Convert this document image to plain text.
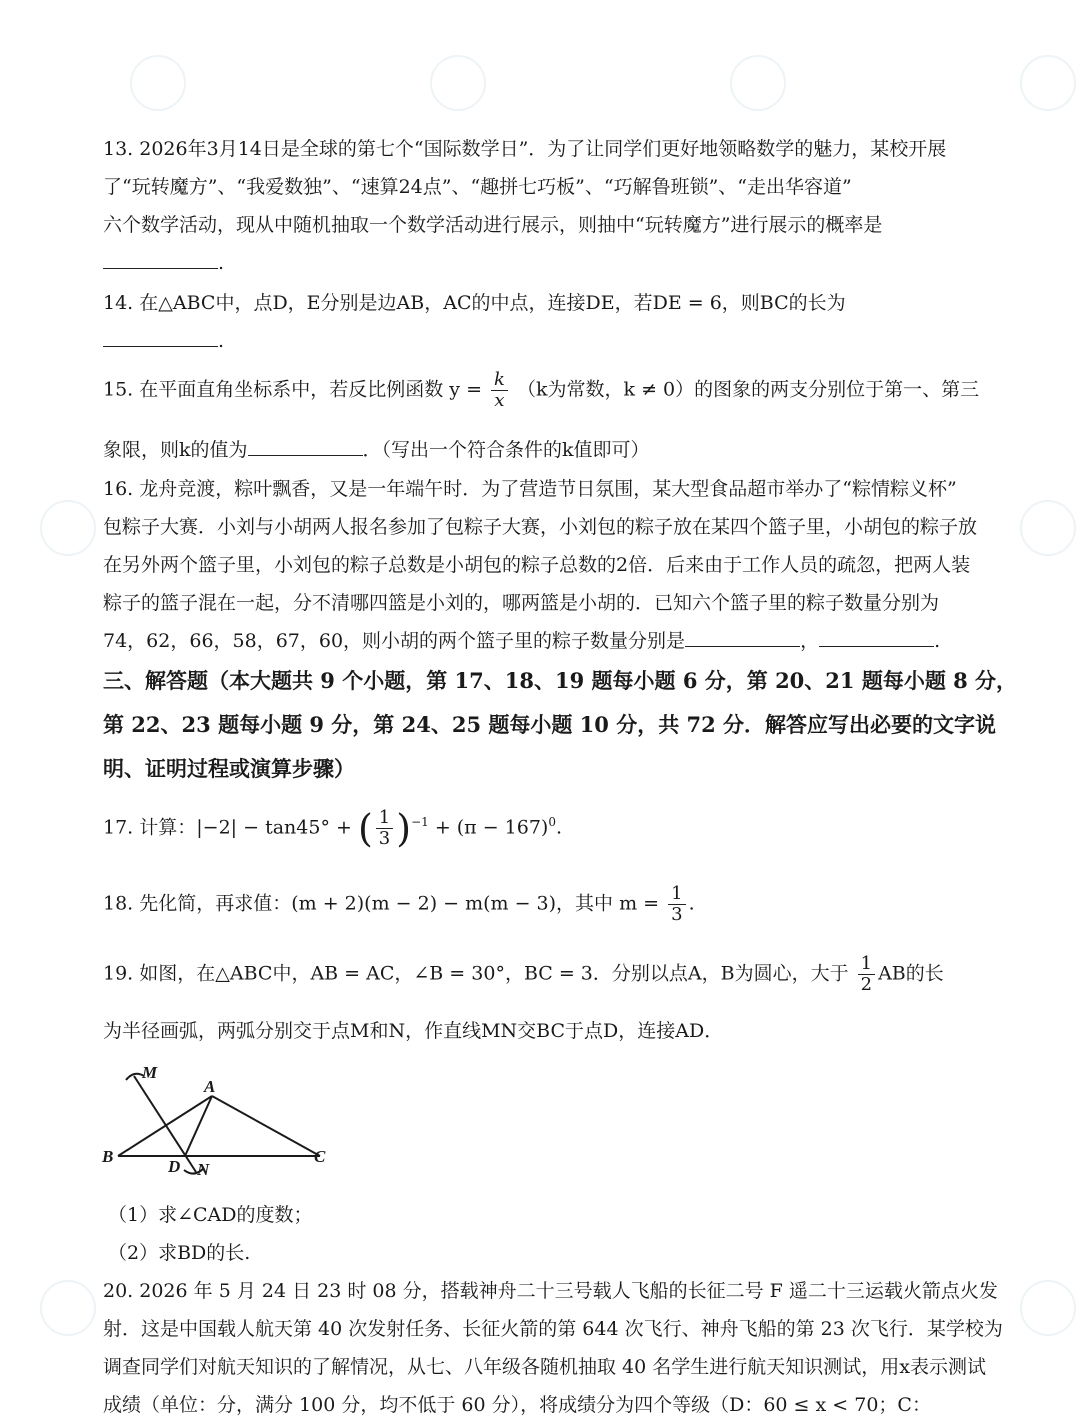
13. 2026年3月14日是全球的第七个“国际数学日”．为了让同学们更好地领略数学的魅力，某校开展
了“玩转魔方”、“我爱数独”、“速算24点”、“趣拼七巧板”、“巧解鲁班锁”、“走出华容道”
六个数学活动，现从中随机抽取一个数学活动进行展示，则抽中“玩转魔方”进行展示的概率是
.
14. 在△ABC中，点D，E分别是边AB，AC的中点，连接DE，若DE = 6，则BC的长为
.
15. 在平面直角坐标系中，若反比例函数 $y = \frac{k}{x} (k$为常数，k ≠ 0）的图象的两支分别位于第一、第三
象限，则k的值为	．（写出一个符合条件的k值即可）
16. 龙舟竞渡，粽叶飘香，又是一年端午时．为了营造节日氛围，某大型食品超市举办了“粽情粽义杯”
包粽子大赛．小刘与小胡两人报名参加了包粽子大赛，小刘包的粽子放在某四个篮子里，小胡包的粽子放
在另外两个篮子里，小刘包的粽子总数是小胡包的粽子总数的2倍．后来由于工作人员的疏忽，把两人装
粽子的篮子混在一起，分不清哪四篮是小刘的，哪两篮是小胡的．已知六个篮子里的粽子数量分别为
74，62，66，58，67，60，则小胡的两个篮子里的粽子数量分别是	，	.
三、解答题（本大题共 9 个小题，第 17、18、19 题每小题 6 分，第 20、21 题每小题 8 分，
第 22、23 题每小题 9 分，第 24、25 题每小题 10 分，共 72 分．解答应写出必要的文字说
明、证明过程或演算步骤）
17. 计算：|−2| − tan45° + ( $\frac{1}{3} )^{-1} + (\pi - 167)^0$.
18. 先化简，再求值：(m + 2)(m − 2) − m(m − 3)，其中 $m = \frac{1}{3}$ .
19. 如图，在△ABC中，AB = AC，∠B = 30°，BC = 3．分别以点A，B为圆心，大于 $\frac{1}{2}$ AB的长
为半径画弧，两弧分别交于点M和N，作直线MN交BC于点D，连接AD．
M
A
B	C
D N
（1）求∠CAD的度数；
（2）求BD的长.
20. 2026 年 5 月 24 日 23 时 08 分，搭载神舟二十三号载人飞船的长征二号 F 遥二十三运载火箭点火发
射．这是中国载人航天第 40 次发射任务、长征火箭的第 644 次飞行、神舟飞船的第 23 次飞行．某学校为
调查同学们对航天知识的了解情况，从七、八年级各随机抽取 40 名学生进行航天知识测试，用x表示测试
成绩（单位：分，满分 100 分，均不低于 60 分），将成绩分为四个等级（D：60 ≤ x < 70；C：
